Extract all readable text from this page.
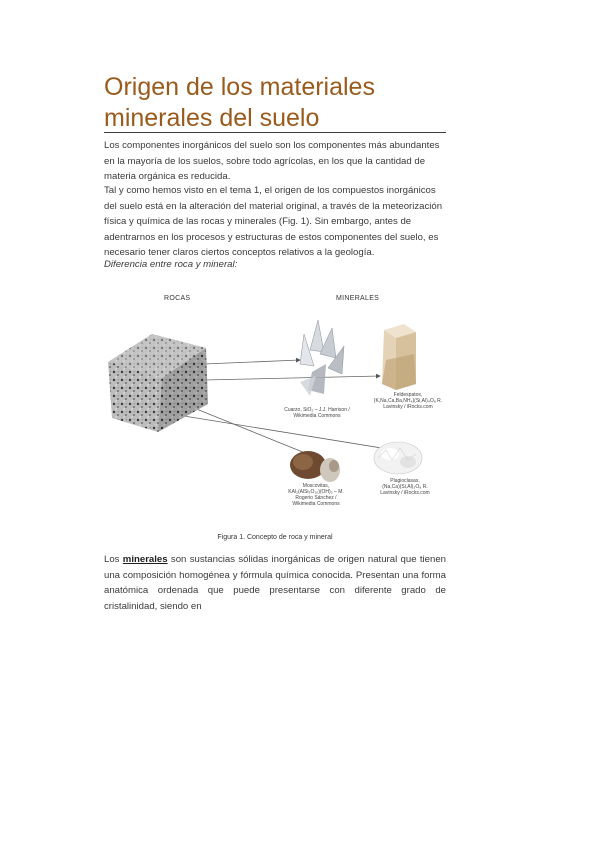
Origen de los materiales minerales del suelo
Los componentes inorgánicos del suelo son los componentes más abundantes en la mayoría de los suelos, sobre todo agrícolas, en los que la cantidad de materia orgánica es reducida.
Tal y como hemos visto en el tema 1, el origen de los compuestos inorgánicos del suelo está en la alteración del material original, a través de la meteorización física y química de las rocas y minerales (Fig. 1). Sin embargo, antes de adentrarnos en los procesos y estructuras de estos componentes del suelo, es necesario tener claros ciertos conceptos relativos a la geología.
Diferencia entre roca y mineral:
ROCAS	MINERALES
Cuarzo, SiO₂ – J.J. Harrison /
Wikimedia Commons
Feldespatos,
(K,Na,Ca,Ba,NH₄)(Si,Al)₄O₈ R.
Lavinsky / iRocks.com
Moscovitas,
KAl₂(AlSi₃O₁₀)(OH)₂ – M.
Rogerio Sánchez /
Wikimedia Commons
Plagioclasas,
(Na,Ca)(Si,Al)₃O₈ R.
Lavinsky / iRocks.com
Figura 1. Concepto de roca y mineral
Los minerales son sustancias sólidas inorgánicas de origen natural que tienen una composición homogénea y fórmula química conocida. Presentan una forma anatómica ordenada que puede presentarse con diferente grado de cristalinidad, siendo en
